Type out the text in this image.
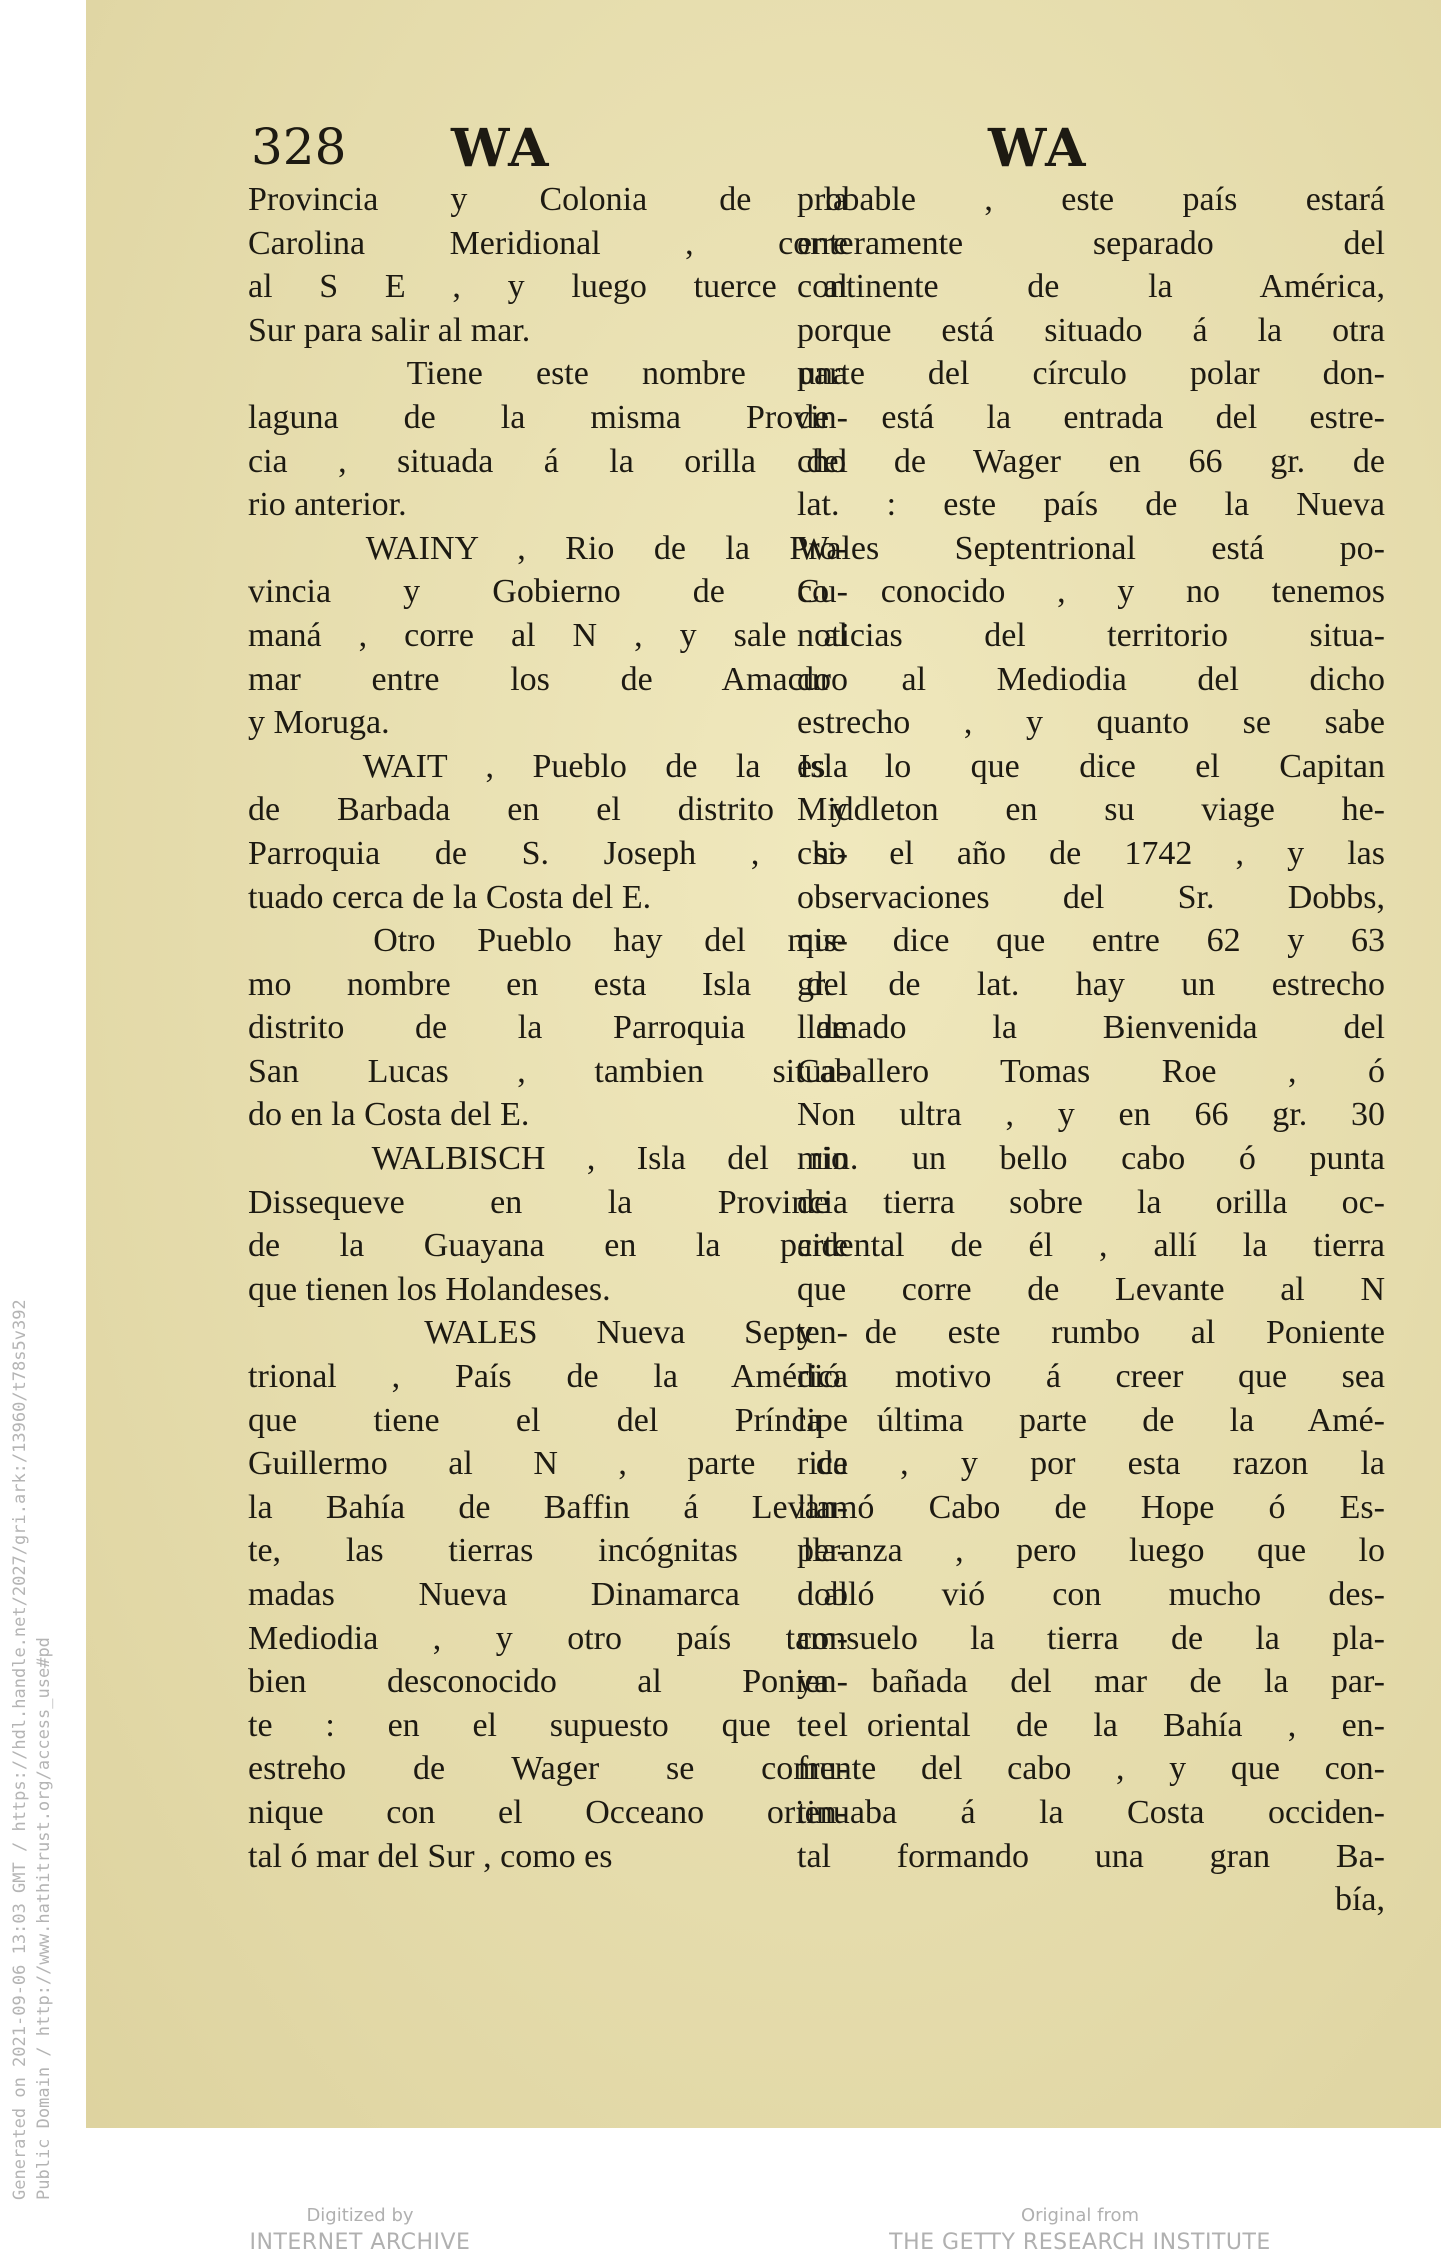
Generated on 2021-09-06 13:03 GMT / https://hdl.handle.net/2027/gri.ark:/13960/t78s5v392 Public Domain / http://www.hathitrust.org/access_use#pd
328 WA	WA
Provincia y Colonia de la
Carolina Meridional , corre
al S E , y luego tuerce al
Sur para salir al mar.
Tiene este nombre una
laguna de la misma Provin-
cia , situada á la orilla del
rio anterior.
WAINY , Rio de la Pro-
vincia y Gobierno de Cu-
maná , corre al N , y sale al
mar entre los de Amacuro
y Moruga.
WAIT , Pueblo de la Isla
de Barbada en el distrito y
Parroquia de S. Joseph , si-
tuado cerca de la Costa del E.
Otro Pueblo hay del mis-
mo nombre en esta Isla del
distrito de la Parroquia de
San Lucas , tambien situa-
do en la Costa del E.
WALBISCH , Isla del rio
Dissequeve en la Provincia
de la Guayana en la parte
que tienen los Holandeses.
WALES Nueva Septen-
trional , País de la América
que tiene el del Príncipe
Guillermo al N , parte de
la Bahía de Baffin á Levan-
te, las tierras incógnitas lla-
madas Nueva Dinamarca al
Mediodia , y otro país tam-
bien desconocido al Ponien-
te : en el supuesto que el
estreho de Wager se comu-
nique con el Occeano orien-
tal ó mar del Sur , como es
probable , este país estará
enteramente separado del
continente de la América,
porque está situado á la otra
parte del círculo polar don-
de está la entrada del estre-
cho de Wager en 66 gr. de
lat. : este país de la Nueva
Wales Septentrional está po-
co conocido , y no tenemos
noticias del territorio situa-
do al Mediodia del dicho
estrecho , y quanto se sabe
es lo que dice el Capitan
Middleton en su viage he-
cho el año de 1742 , y las
observaciones del Sr. Dobbs,
que dice que entre 62 y 63
gr. de lat. hay un estrecho
llamado la Bienvenida del
Caballero Tomas Roe , ó
Non ultra , y en 66 gr. 30
min. un bello cabo ó punta
de tierra sobre la orilla oc-
cidental de él , allí la tierra
que corre de Levante al N
y de este rumbo al Poniente
dió motivo á creer que sea
la última parte de la Amé-
rica , y por esta razon la
llamó Cabo de Hope ó Es-
peranza , pero luego que lo
dobló vió con mucho des-
consuelo la tierra de la pla-
ya bañada del mar de la par-
te oriental de la Bahía , en-
frente del cabo , y que con-
tinuaba á la Costa occiden-
tal formando una gran Ba-
bía,
Digitized by
INTERNET ARCHIVE
Original from
THE GETTY RESEARCH INSTITUTE
